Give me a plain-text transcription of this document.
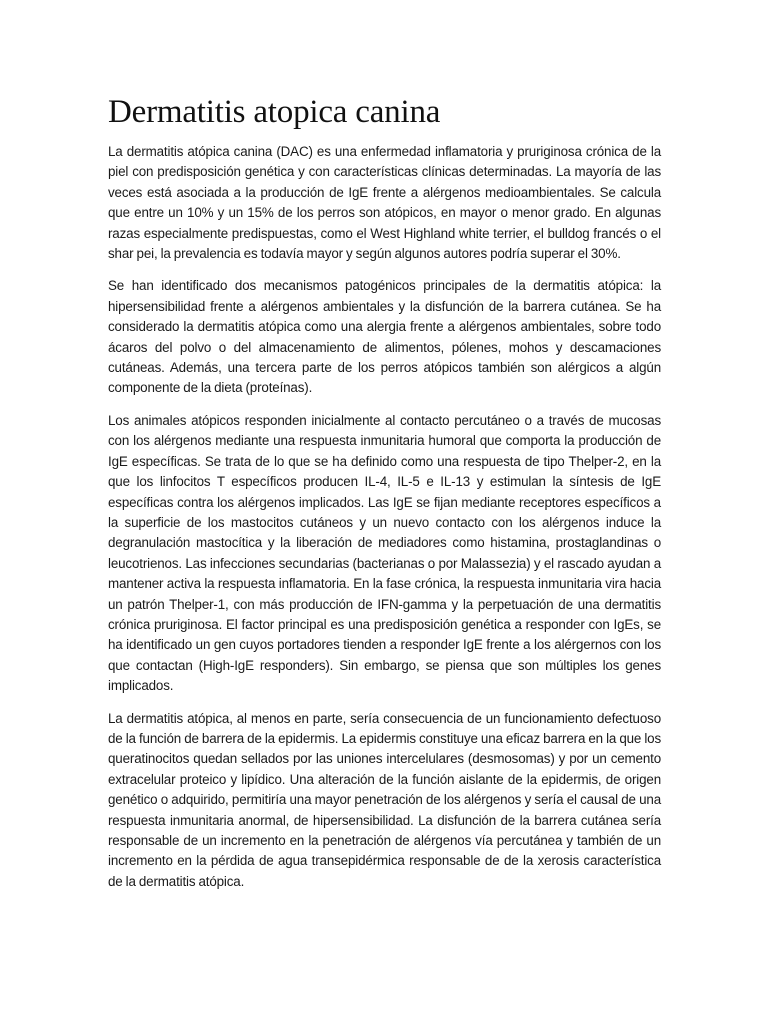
Dermatitis atopica canina

La dermatitis atópica canina (DAC) es una enfermedad inflamatoria y pruriginosa crónica de la piel con predisposición genética y con características clínicas determinadas. La mayoría de las veces está asociada a la producción de IgE frente a alérgenos medioambientales. Se calcula que entre un 10% y un 15% de los perros son atópicos, en mayor o menor grado. En algunas razas especialmente predispuestas, como el West Highland white terrier, el bulldog francés o el shar pei, la prevalencia es todavía mayor y según algunos autores podría superar el 30%.

Se han identificado dos mecanismos patogénicos principales de la dermatitis atópica: la hipersensibilidad frente a alérgenos ambientales y la disfunción de la barrera cutánea. Se ha considerado la dermatitis atópica como una alergia frente a alérgenos ambientales, sobre todo ácaros del polvo o del almacenamiento de alimentos, pólenes, mohos y descamaciones cutáneas. Además, una tercera parte de los perros atópicos también son alérgicos a algún componente de la dieta (proteínas).

Los animales atópicos responden inicialmente al contacto percutáneo o a través de mucosas con los alérgenos mediante una respuesta inmunitaria humoral que comporta la producción de IgE específicas. Se trata de lo que se ha definido como una respuesta de tipo Thelper-2, en la que los linfocitos T específicos producen IL-4, IL-5 e IL-13 y estimulan la síntesis de IgE específicas contra los alérgenos implicados. Las IgE se fijan mediante receptores específicos a la superficie de los mastocitos cutáneos y un nuevo contacto con los alérgenos induce la degranulación mastocítica y la liberación de mediadores como histamina, prostaglandinas o leucotrienos. Las infecciones secundarias (bacterianas o por Malassezia) y el rascado ayudan a mantener activa la respuesta inflamatoria. En la fase crónica, la respuesta inmunitaria vira hacia un patrón Thelper-1, con más producción de IFN-gamma y la perpetuación de una dermatitis crónica pruriginosa. El factor principal es una predisposición genética a responder con IgEs, se ha identificado un gen cuyos portadores tienden a responder IgE frente a los alérgernos con los que contactan (High-IgE responders). Sin embargo, se piensa que son múltiples los genes implicados.

La dermatitis atópica, al menos en parte, sería consecuencia de un funcionamiento defectuoso de la función de barrera de la epidermis. La epidermis constituye una eficaz barrera en la que los queratinocitos quedan sellados por las uniones intercelulares (desmosomas) y por un cemento extracelular proteico y lipídico. Una alteración de la función aislante de la epidermis, de origen genético o adquirido, permitiría una mayor penetración de los alérgenos y sería el causal de una respuesta inmunitaria anormal, de hipersensibilidad. La disfunción de la barrera cutánea sería responsable de un incremento en la penetración de alérgenos vía percutánea y también de un incremento en la pérdida de agua transepidérmica responsable de de la xerosis característica de la dermatitis atópica.
